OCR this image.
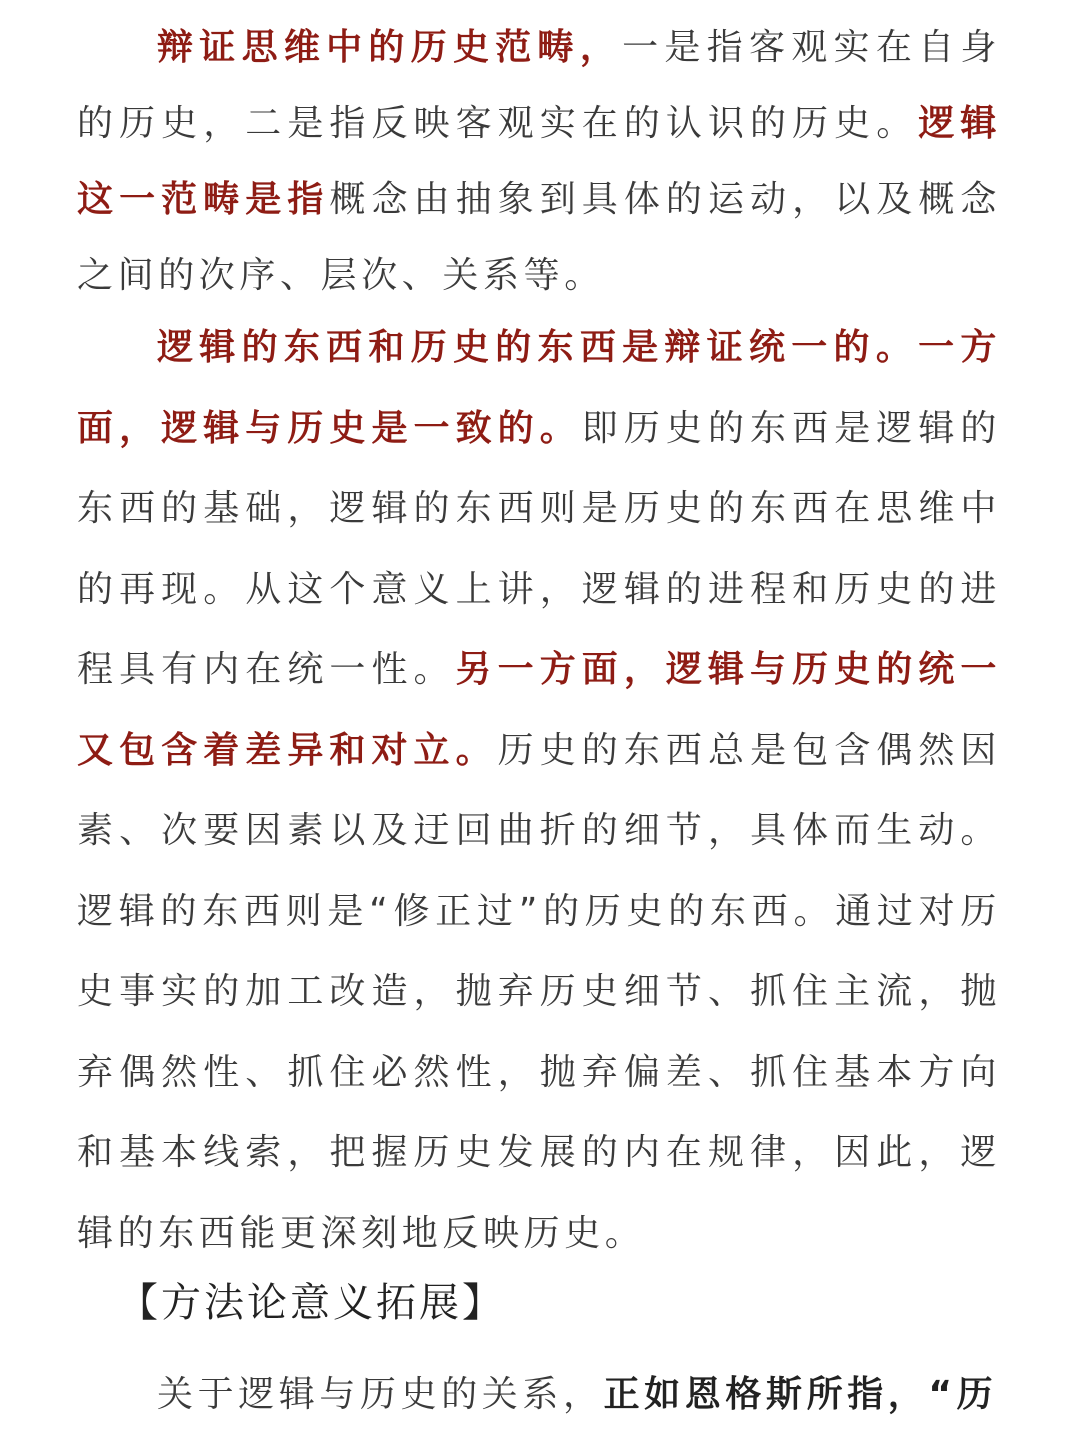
辩证思维中的历史范畴，一是指客观实在自身的历史，二是指反映客观实在的认识的历史。逻辑这一范畴是指概念由抽象到具体的运动，以及概念之间的次序、层次、关系等。

逻辑的东西和历史的东西是辩证统一的。一方面，逻辑与历史是一致的。即历史的东西是逻辑的东西的基础，逻辑的东西则是历史的东西在思维中的再现。从这个意义上讲，逻辑的进程和历史的进程具有内在统一性。另一方面，逻辑与历史的统一又包含着差异和对立。历史的东西总是包含偶然因素、次要因素以及迂回曲折的细节，具体而生动。逻辑的东西则是“修正过”的历史的东西。通过对历史事实的加工改造，抛弃历史细节、抓住主流，抛弃偶然性、抓住必然性，抛弃偏差、抓住基本方向和基本线索，把握历史发展的内在规律，因此，逻辑的东西能更深刻地反映历史。

【方法论意义拓展】

关于逻辑与历史的关系，正如恩格斯所指，“历
